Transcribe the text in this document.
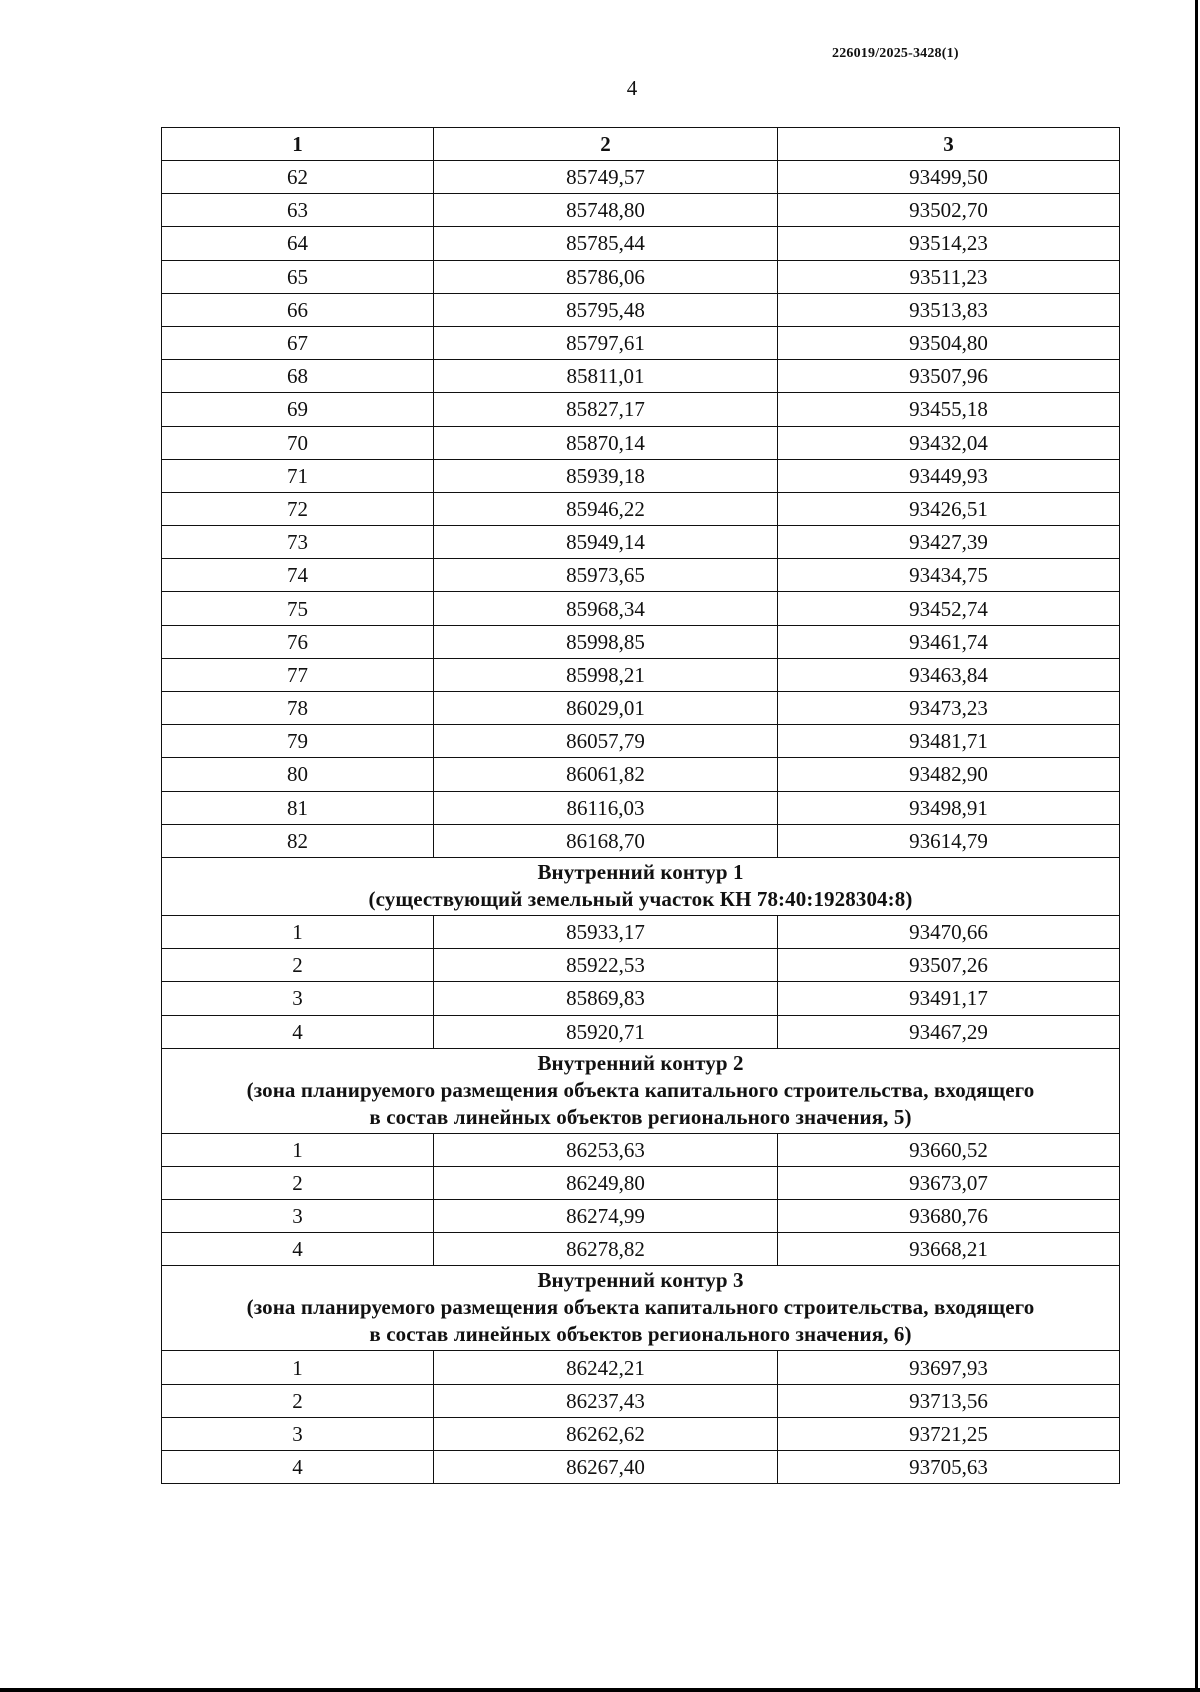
226019/2025-3428(1)
4
1	2	3
62	85749,57	93499,50
63	85748,80	93502,70
64	85785,44	93514,23
65	85786,06	93511,23
66	85795,48	93513,83
67	85797,61	93504,80
68	85811,01	93507,96
69	85827,17	93455,18
70	85870,14	93432,04
71	85939,18	93449,93
72	85946,22	93426,51
73	85949,14	93427,39
74	85973,65	93434,75
75	85968,34	93452,74
76	85998,85	93461,74
77	85998,21	93463,84
78	86029,01	93473,23
79	86057,79	93481,71
80	86061,82	93482,90
81	86116,03	93498,91
82	86168,70	93614,79

Внутренний контур 1
(существующий земельный участок КН 78:40:1928304:8)		

1	85933,17	93470,66
2	85922,53	93507,26
3	85869,83	93491,17
4	85920,71	93467,29

Внутренний контур 2
(зона планируемого размещения объекта капитального строительства, входящего
в состав линейных объектов регионального значения, 5)		

1	86253,63	93660,52
2	86249,80	93673,07
3	86274,99	93680,76
4	86278,82	93668,21

Внутренний контур 3
(зона планируемого размещения объекта капитального строительства, входящего
в состав линейных объектов регионального значения, 6)		

1	86242,21	93697,93
2	86237,43	93713,56
3	86262,62	93721,25
4	86267,40	93705,63
